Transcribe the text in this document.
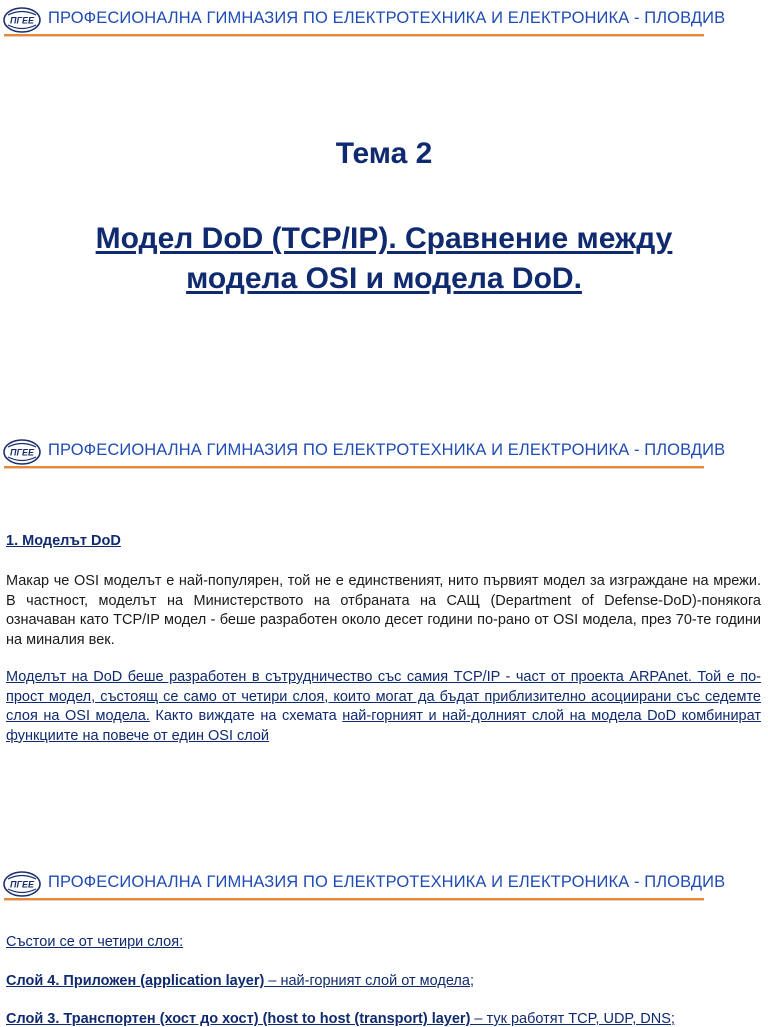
ПГЕЕ ПРОФЕСИОНАЛНА ГИМНАЗИЯ ПО ЕЛЕКТРОТЕХНИКА И ЕЛЕКТРОНИКА - ПЛОВДИВ
Тема 2
Модел DoD (TCP/IP). Сравнение между
модела OSI и модела DoD.
ПГЕЕ ПРОФЕСИОНАЛНА ГИМНАЗИЯ ПО ЕЛЕКТРОТЕХНИКА И ЕЛЕКТРОНИКА - ПЛОВДИВ
1. Моделът DoD
Макар че OSI моделът е най-популярен, той не е единственият, нито първият модел за изграждане на мрежи. В частност, моделът на Министерството на отбраната на САЩ (Department of Defense-DoD)-понякога означаван като TCP/IP модел - беше разработен около десет години по-рано от OSI модела, през 70-те години на миналия век.
Моделът на DoD беше разработен в сътрудничество със самия TCP/IP - част от проекта ARPAnet. Той е по-прост модел, състоящ се само от четири слоя, които могат да бъдат приблизително асоциирани със седемте слоя на OSI модела. Както виждате на схемата най-горният и най-долният слой на модела DoD комбинират функциите на повече от един OSI слой
ПГЕЕ ПРОФЕСИОНАЛНА ГИМНАЗИЯ ПО ЕЛЕКТРОТЕХНИКА И ЕЛЕКТРОНИКА - ПЛОВДИВ
Състои се от четири слоя:
Слой 4. Приложен (application layer) – най-горният слой от модела;
Слой 3. Транспортен (хост до хост) (host to host (transport) layer) – тук работят TCP, UDP, DNS;
